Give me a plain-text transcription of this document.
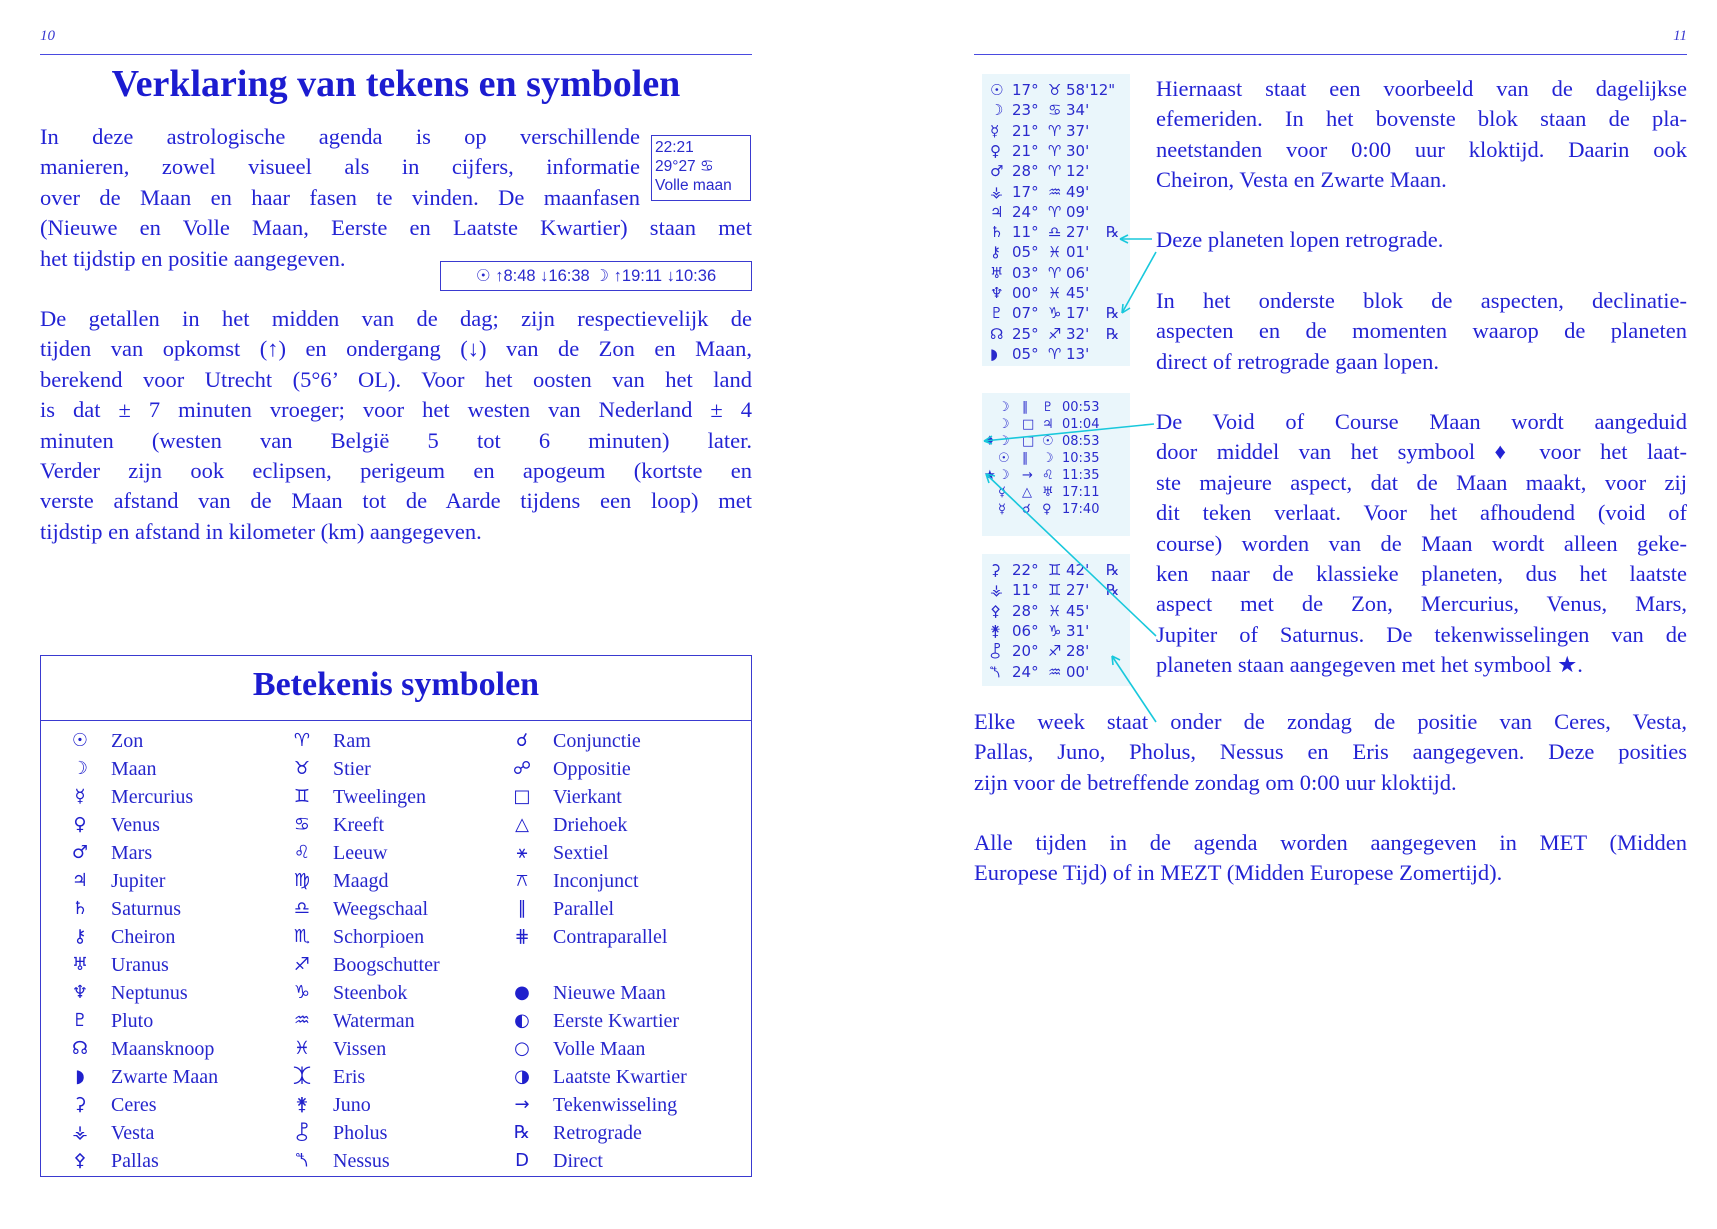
10
Verklaring van tekens en symbolen

In deze astrologische agenda is op verschillende
manieren, zowel visueel als in cijfers, informatie
over de Maan en haar fasen te vinden. De maanfasen
(Nieuwe en Volle Maan, Eerste en Laatste Kwartier) staan met
het tijdstip en positie aangegeven.

22:21
29°27 ♋
Volle maan
☉ ↑8:48 ↓16:38 ☽ ↑19:11 ↓10:36

De getallen in het midden van de dag; zijn respectievelijk de
tijden van opkomst (↑) en ondergang (↓) van de Zon en Maan,
berekend voor Utrecht (5°6’ OL). Voor het oosten van het land
is dat ± 7 minuten vroeger; voor het westen van Nederland ± 4
minuten (westen van België 5 tot 6 minuten) later.
Verder zijn ook eclipsen, perigeum en apogeum (kortste en
verste afstand van de Maan tot de Aarde tijdens een loop) met
tijdstip en afstand in kilometer (km) aangegeven.

Betekenis symbolen
☉ Zon
☽ Maan
☿	Mercurius
♀	Venus
♂ Mars
♃ Jupiter
♄ Saturnus
⚷	Cheiron
♅ Uranus
♆ Neptunus
♇ Pluto
☊ Maansknoop
◗	Zwarte Maan
⚳	Ceres
⚶ Vesta
⚴	Pallas
♈ Ram
♉ Stier
♊ Tweelingen
♋ Kreeft
♌ Leeuw
♍ Maagd
♎ Weegschaal
♏ Schorpioen
♐ Boogschutter
♑ Steenbok
♒ Waterman
♓ Vissen
⯰ Eris
⚵	Juno
⯛	Pholus
⯲	Nessus
☌	Conjunctie
☍ Oppositie
□ Vierkant
△	Driehoek
⚹	Sextiel
⚻	Inconjunct
∥	Parallel
⋕ Contraparallel
● Nieuwe Maan
◐ Eerste Kwartier
○ Volle Maan
◑ Laatste Kwartier
→ Tekenwisseling
℞ Retrograde
D	Direct
11
☉ 17° ♉ 58'12"
☽ 23° ♋ 34'
☿ 21° ♈ 37'
♀ 21° ♈ 30'
♂ 28° ♈ 12'
⚶ 17° ♒ 49'
♃ 24° ♈ 09'
♄ 11° ♎ 27' ℞
⚷ 05° ♓ 01'
♅ 03° ♈ 06'
♆ 00° ♓ 45'
♇ 07° ♑ 17' ℞
☊ 25° ♐ 32' ℞
◗ 05° ♈ 13'
☽ ∥ ♇ 00:53
☽ □ ♃ 01:04
♦ ☽ □ ☉ 08:53
☉ ∥ ☽ 10:35
★ ☽ → ♌ 11:35
☿ △ ♅ 17:11
☿ ☌ ♀ 17:40
⚳ 22° ♊ 42' ℞
⚶ 11° ♊ 27' ℞
⚴ 28° ♓ 45'
⚵ 06° ♑ 31'
⯛ 20° ♐ 28'
⯲ 24° ♒ 00'

Hiernaast staat een voorbeeld van de dagelijkse
efemeriden. In het bovenste blok staan de pla-
neetstanden voor 0:00 uur kloktijd. Daarin ook
Cheiron, Vesta en Zwarte Maan.

Deze planeten lopen retrograde.

In het onderste blok de aspecten, declinatie-
aspecten en de momenten waarop de planeten
direct of retrograde gaan lopen.

De Void of Course Maan wordt aangeduid
door middel van het symbool ♦ voor het laat-
ste majeure aspect, dat de Maan maakt, voor zij
dit teken verlaat. Voor het afhoudend (void of
course) worden van de Maan wordt alleen geke-
ken naar de klassieke planeten, dus het laatste
aspect met de Zon, Mercurius, Venus, Mars,
Jupiter of Saturnus. De tekenwisselingen van de
planeten staan aangegeven met het symbool ★.

Elke week staat onder de zondag de positie van Ceres, Vesta,
Pallas, Juno, Pholus, Nessus en Eris aangegeven. Deze posities
zijn voor de betreffende zondag om 0:00 uur kloktijd.

Alle tijden in de agenda worden aangegeven in MET (Midden
Europese Tijd) of in MEZT (Midden Europese Zomertijd).
